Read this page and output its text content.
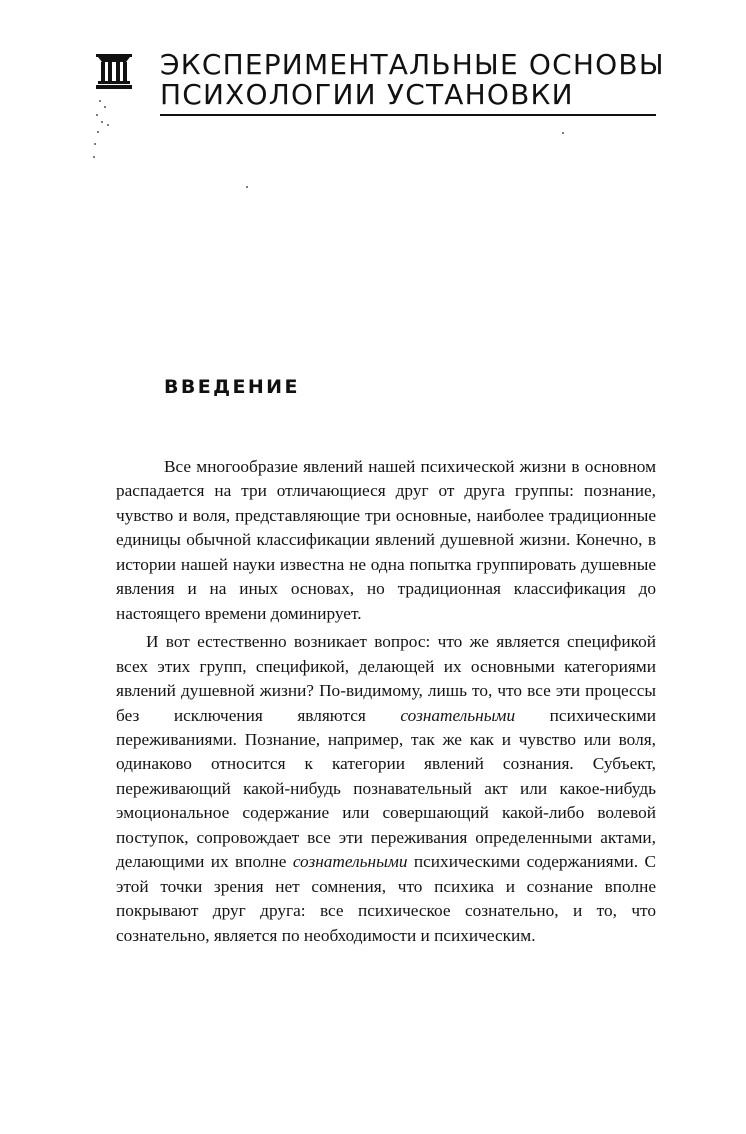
ЭКСПЕРИМЕНТАЛЬНЫЕ ОСНОВЫ
ПСИХОЛОГИИ УСТАНОВКИ
ВВЕДЕНИЕ

Все многообразие явлений нашей психической жизни в основном распадается на три отличающиеся друг от друга группы: познание, чувство и воля, представляющие три основные, наиболее традиционные единицы обычной классификации явлений душевной жизни. Конечно, в истории нашей науки известна не одна попытка группировать душевные явления и на иных основах, но традиционная классификация до настоящего времени доминирует.

И вот естественно возникает вопрос: что же является спецификой всех этих групп, спецификой, делающей их основными категориями явлений душевной жизни? По-видимому, лишь то, что все эти процессы без исключения являются сознательными психическими переживаниями. Познание, например, так же как и чувство или воля, одинаково относится к категории явлений сознания. Субъект, переживающий какой-нибудь познавательный акт или какое-нибудь эмоциональное содержание или совершающий какой-либо волевой поступок, сопровождает все эти переживания определенными актами, делающими их вполне сознательными психическими содержаниями. С этой точки зрения нет сомнения, что психика и сознание вполне покрывают друг друга: все психическое сознательно, и то, что сознательно, является по необходимости и психическим.
